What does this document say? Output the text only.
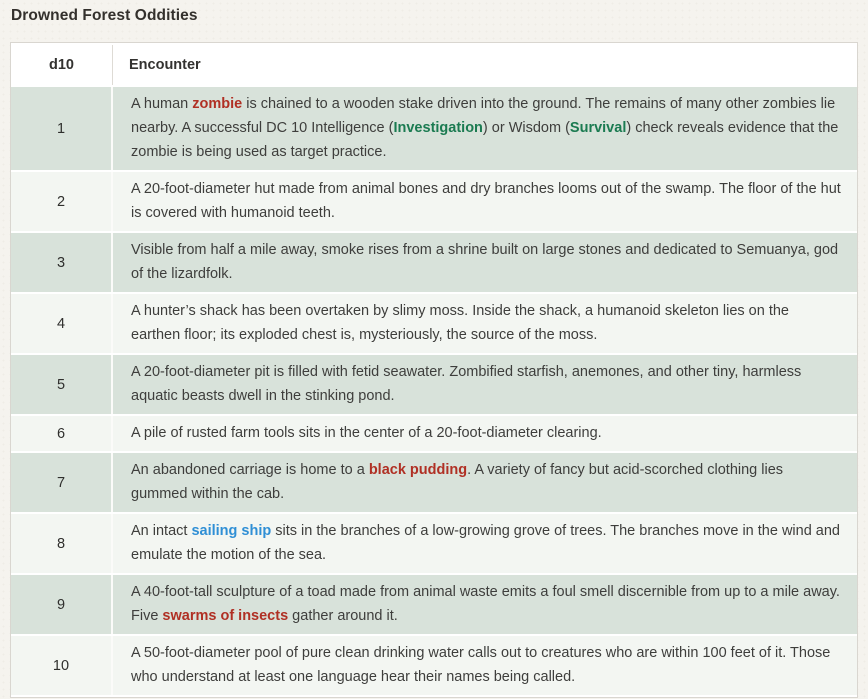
Drowned Forest Oddities
d10	Encounter
1	A human zombie is chained to a wooden stake driven into the ground. The remains of many other zombies lie nearby. A successful DC 10 Intelligence (Investigation) or Wisdom (Survival) check reveals evidence that the zombie is being used as target practice.
2	A 20-foot-diameter hut made from animal bones and dry branches looms out of the swamp. The floor of the hut is covered with humanoid teeth.
3	Visible from half a mile away, smoke rises from a shrine built on large stones and dedicated to Semuanya, god of the lizardfolk.
4	A hunter’s shack has been overtaken by slimy moss. Inside the shack, a humanoid skeleton lies on the earthen floor; its exploded chest is, mysteriously, the source of the moss.
5	A 20-foot-diameter pit is filled with fetid seawater. Zombified starfish, anemones, and other tiny, harmless aquatic beasts dwell in the stinking pond.
6	A pile of rusted farm tools sits in the center of a 20-foot-diameter clearing.
7	An abandoned carriage is home to a black pudding. A variety of fancy but acid-scorched clothing lies gummed within the cab.
8	An intact sailing ship sits in the branches of a low-growing grove of trees. The branches move in the wind and emulate the motion of the sea.
9	A 40-foot-tall sculpture of a toad made from animal waste emits a foul smell discernible from up to a mile away. Five swarms of insects gather around it.
10	A 50-foot-diameter pool of pure clean drinking water calls out to creatures who are within 100 feet of it. Those who understand at least one language hear their names being called.
